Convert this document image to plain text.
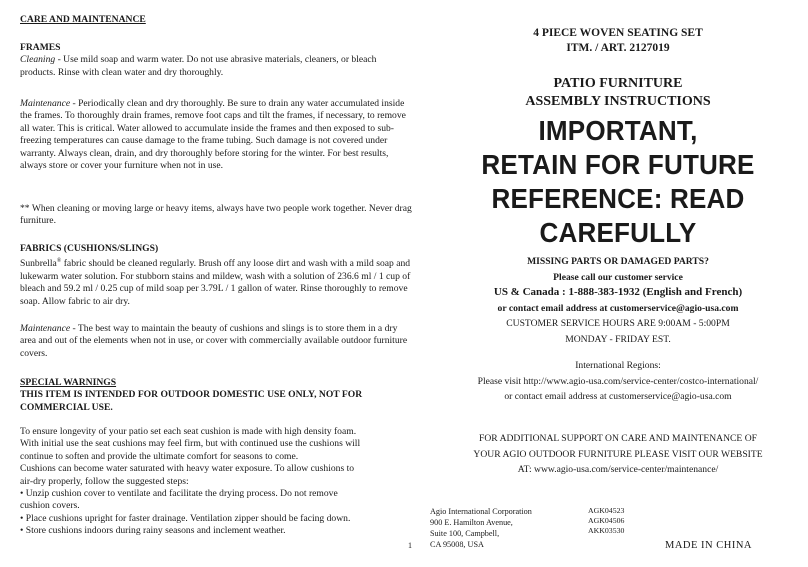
CARE AND MAINTENANCE

FRAMES

Cleaning - Use mild soap and warm water. Do not use abrasive materials, cleaners, or bleach products. Rinse with clean water and dry thoroughly.

Maintenance - Periodically clean and dry thoroughly. Be sure to drain any water accumulated inside the frames. To thoroughly drain frames, remove foot caps and tilt the frames, if necessary, to remove all water. This is critical. Water allowed to accumulate inside the frames and then exposed to sub-freezing temperatures can cause damage to the frame tubing. Such damage is not covered under warranty. Always clean, drain, and dry thoroughly before storing for the winter. For best results, always store or cover your furniture when not in use.

** When cleaning or moving large or heavy items, always have two people work together. Never drag furniture.

FABRICS (CUSHIONS/SLINGS)

Sunbrella® fabric should be cleaned regularly. Brush off any loose dirt and wash with a mild soap and lukewarm water solution. For stubborn stains and mildew, wash with a solution of 236.6 ml / 1 cup of bleach and 59.2 ml / 0.25 cup of mild soap per 3.79L / 1 gallon of water. Rinse thoroughly to remove soap. Allow fabric to air dry.

Maintenance - The best way to maintain the beauty of cushions and slings is to store them in a dry area and out of the elements when not in use, or cover with commercially available outdoor furniture covers.

SPECIAL WARNINGS

THIS ITEM IS INTENDED FOR OUTDOOR DOMESTIC USE ONLY, NOT FOR COMMERCIAL USE.

To ensure longevity of your patio set each seat cushion is made with high density foam.

With initial use the seat cushions may feel firm, but with continued use the cushions will

continue to soften and provide the ultimate comfort for seasons to come.

Cushions can become water saturated with heavy water exposure. To allow cushions to

air-dry properly, follow the suggested steps:

• Unzip cushion cover to ventilate and facilitate the drying process. Do not remove

cushion covers.

• Place cushions upright for faster drainage. Ventilation zipper should be facing down.

• Store cushions indoors during rainy seasons and inclement weather.

1
4 PIECE WOVEN SEATING SET
ITM. / ART. 2127019
PATIO FURNITURE
ASSEMBLY INSTRUCTIONS
IMPORTANT,
RETAIN FOR FUTURE
REFERENCE: READ
CAREFULLY
MISSING PARTS OR DAMAGED PARTS?
Please call our customer service
US & Canada : 1-888-383-1932 (English and French)
or contact email address at customerservice@agio-usa.com
CUSTOMER SERVICE HOURS ARE 9:00AM - 5:00PM
MONDAY - FRIDAY EST.
International Regions:
Please visit http://www.agio-usa.com/service-center/costco-international/
or contact email address at customerservice@agio-usa.com
FOR ADDITIONAL SUPPORT ON CARE AND MAINTENANCE OF
YOUR AGIO OUTDOOR FURNITURE PLEASE VISIT OUR WEBSITE
AT: www.agio-usa.com/service-center/maintenance/
Agio International Corporation
900 E. Hamilton Avenue,
Suite 100, Campbell,
CA 95008, USA
AGK04523
AGK04506
AKK03530
MADE IN CHINA
